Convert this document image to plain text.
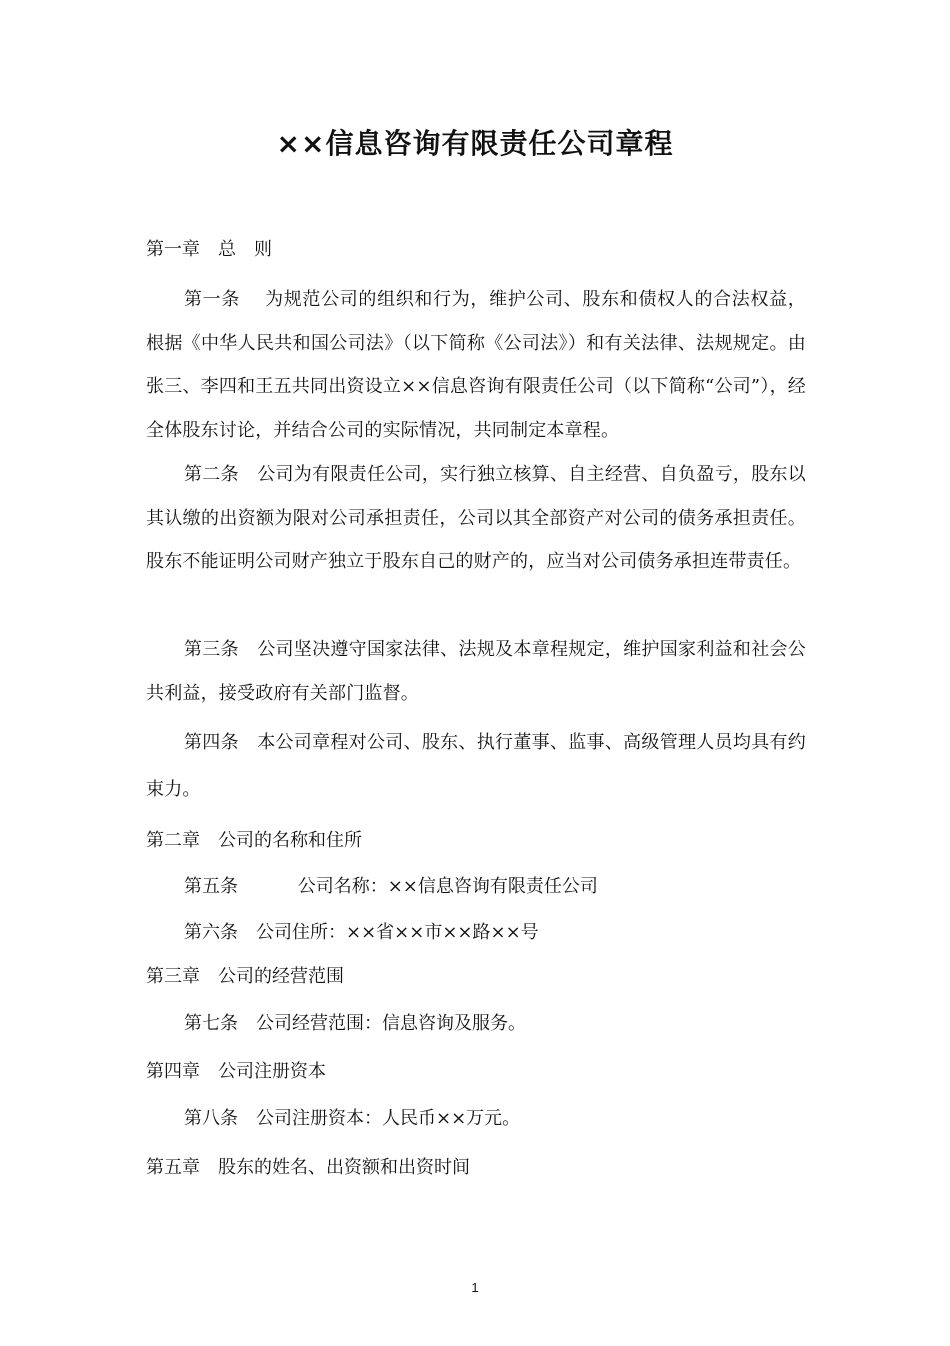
××信息咨询有限责任公司章程
第一章　总　则
第一条　 为规范公司的组织和行为，维护公司、股东和债权人的合法权益，根据《中华人民共和国公司法》（以下简称《公司法》）和有关法律、法规规定。由张三、李四和王五共同出资设立××信息咨询有限责任公司（以下简称“公司”），经全体股东讨论，并结合公司的实际情况，共同制定本章程。
第二条　公司为有限责任公司，实行独立核算、自主经营、自负盈亏，股东以其认缴的出资额为限对公司承担责任，公司以其全部资产对公司的债务承担责任。股东不能证明公司财产独立于股东自己的财产的，应当对公司债务承担连带责任。
第三条　公司坚决遵守国家法律、法规及本章程规定，维护国家利益和社会公共利益，接受政府有关部门监督。
第四条　本公司章程对公司、股东、执行董事、监事、高级管理人员均具有约束力。
第二章　公司的名称和住所
第五条　　　 公司名称：××信息咨询有限责任公司
第六条　公司住所：××省××市××路××号
第三章　公司的经营范围
第七条　公司经营范围：信息咨询及服务。
第四章　公司注册资本
第八条　公司注册资本：人民币××万元。
第五章　股东的姓名、出资额和出资时间
1
